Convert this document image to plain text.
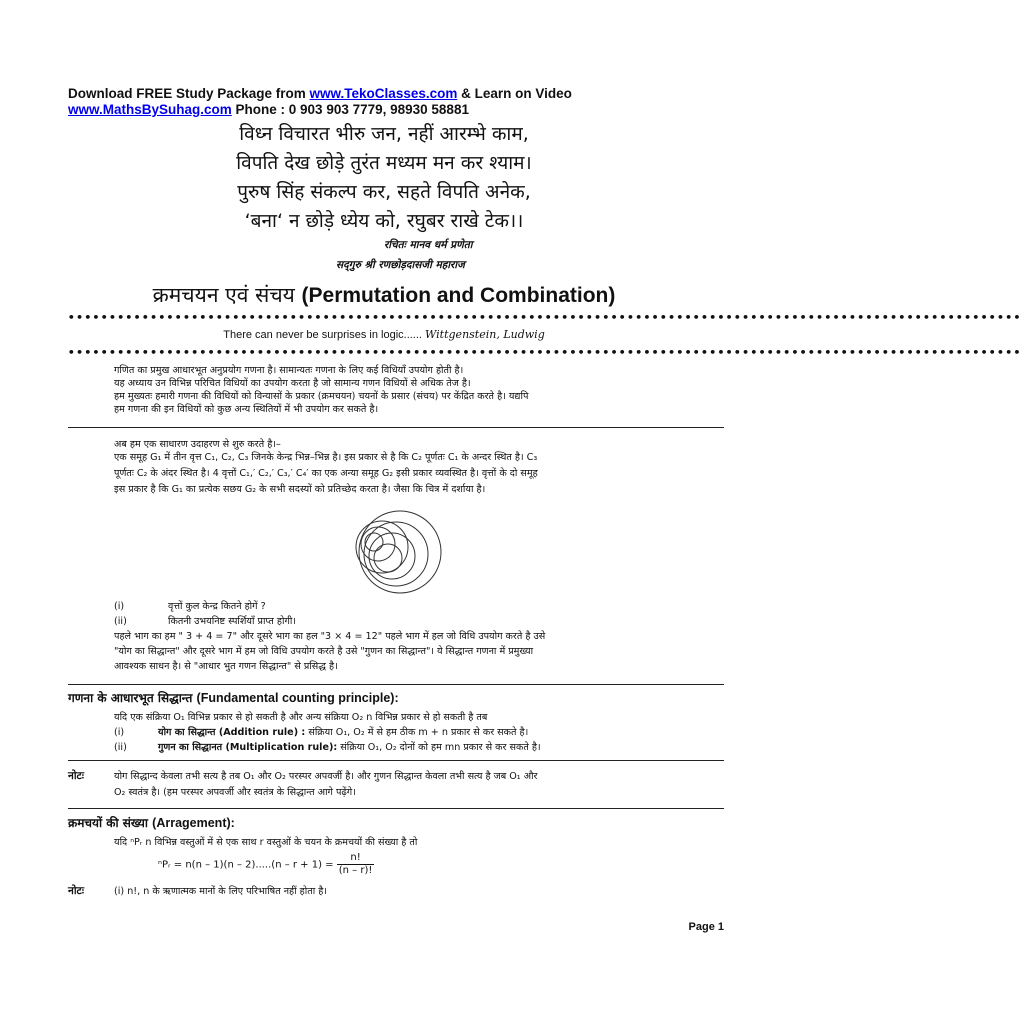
Download FREE Study Package from www.TekoClasses.com & Learn on Video
www.MathsBySuhag.com Phone : 0 903 903 7779, 98930 58881
विध्न विचारत भीरु जन, नहीं आरम्भे काम,
विपति देख छोड़े तुरंत मध्यम मन कर श्याम।
पुरुष सिंह संकल्प कर, सहते विपति अनेक,
‘बना‘ न छोड़े ध्येय को, रघुबर राखे टेक।।
रचितः मानव धर्म प्रणेता
सद्‌गुरु श्री रणछोड़दासजी महाराज
क्रमचयन एवं संचय (Permutation and Combination)
••••••••••••••••••••••••••••••••••••••••••••••••••••••••••••••••••••••••••••••••••••••••••••••••••••••••••••••••••••
There can never be surprises in logic...... Wittgenstein, Ludwig
••••••••••••••••••••••••••••••••••••••••••••••••••••••••••••••••••••••••••••••••••••••••••••••••••••••••••••••••••••
गणित का प्रमुख आधारभूत अनुप्रयोग गणना है। सामान्यतः गणना के लिए कई विधियाँ उपयोग होती है।
यह अध्याय उन विभिन्न परिचित विधियों का उपयोग करता है जो सामान्य गणन विधियों से अधिक तेज है।
हम मुख्यतः हमारी गणना की विधियों को विन्यासों के प्रकार (क्रमचयन) चयनों के प्रसार (संचय) पर केंद्रित करते है। यद्यपि
हम गणना की इन विधियों को कुछ अन्य स्थितियों में भी उपयोग कर सकते है।
अब हम एक साधारण उदाहरण से शुरु करते है।–
एक समूह G₁ में तीन वृत्त C₁, C₂, C₃ जिनके केन्द्र भिन्न–भिन्न है। इस प्रकार से है कि C₂ पूर्णतः C₁ के अन्दर स्थित है। C₃
पूर्णतः C₂ के अंदर स्थित है। 4 वृत्तों C₁,′ C₂,′ C₃,′ C₄′ का एक अन्या समूह G₂ इसी प्रकार व्यवस्थित है। वृत्तों के दो समूह
इस प्रकार है कि G₁ का प्रत्येक सछय G₂ के सभी सदस्यों को प्रतिच्छेद करता है। जैसा कि चित्र में दर्शाया है।
(i)	वृत्तों कुल केन्द्र कितने होगें ?
(ii)	कितनी उभयनिष्ट स्पर्शियाँ प्राप्त होगी।
पहले भाग का हम " 3 + 4 = 7" और दूसरे भाग का हल "3 × 4 = 12" पहले भाग में हल जो विधि उपयोग करते है उसे
"योग का सिद्धान्त" और दूसरे भाग में हम जो विधि उपयोग करते है उसे "गुणन का सिद्धान्त"। ये सिद्धान्त गणना में प्रमुख्या
आवश्यक साधन है। से "आधार भुत गणन सिद्धान्त" से प्रसिद्ध है।
गणना के आधारभूत सिद्धान्त (Fundamental counting principle):
यदि एक संक्रिया O₁ विभिन्न प्रकार से हो सकती है और अन्य संक्रिया O₂ n विभिन्न प्रकार से हो सकती है तब
(i)	योग का सिद्धान्त (Addition rule) : संक्रिया O₁, O₂ में से हम ठीक m + n प्रकार से कर सकते है।
(ii)	गुणन का सिद्धानत (Multiplication rule): संक्रिया O₁, O₂ दोनों को हम mn प्रकार से कर सकते है।
नोटः	योग सिद्धान्द केवला तभी सत्य है तब O₁ और O₂ परस्पर अपवर्जी है। और गुणन सिद्धान्त केवला तभी सत्य है जब O₁ और
O₂ स्वतंत्र है। (हम परस्पर अपवर्जी और स्वतंत्र के सिद्धान्त आगे पढ़ेंगे।
क्रमचयों की संख्या (Arragement):
यदि ⁿPᵣ n विभिन्न वस्तुओं में से एक साथ r वस्तुओं के चयन के क्रमचयों की संख्या है तो
ⁿPᵣ = $n(n - 1)(n - 2).....(n - r + 1) = \frac{n!}{(n - r)!}$
नोटः	(i) n!, n के ऋणात्मक मानों के लिए परिभाषित नहीं होता है।
Page 1
